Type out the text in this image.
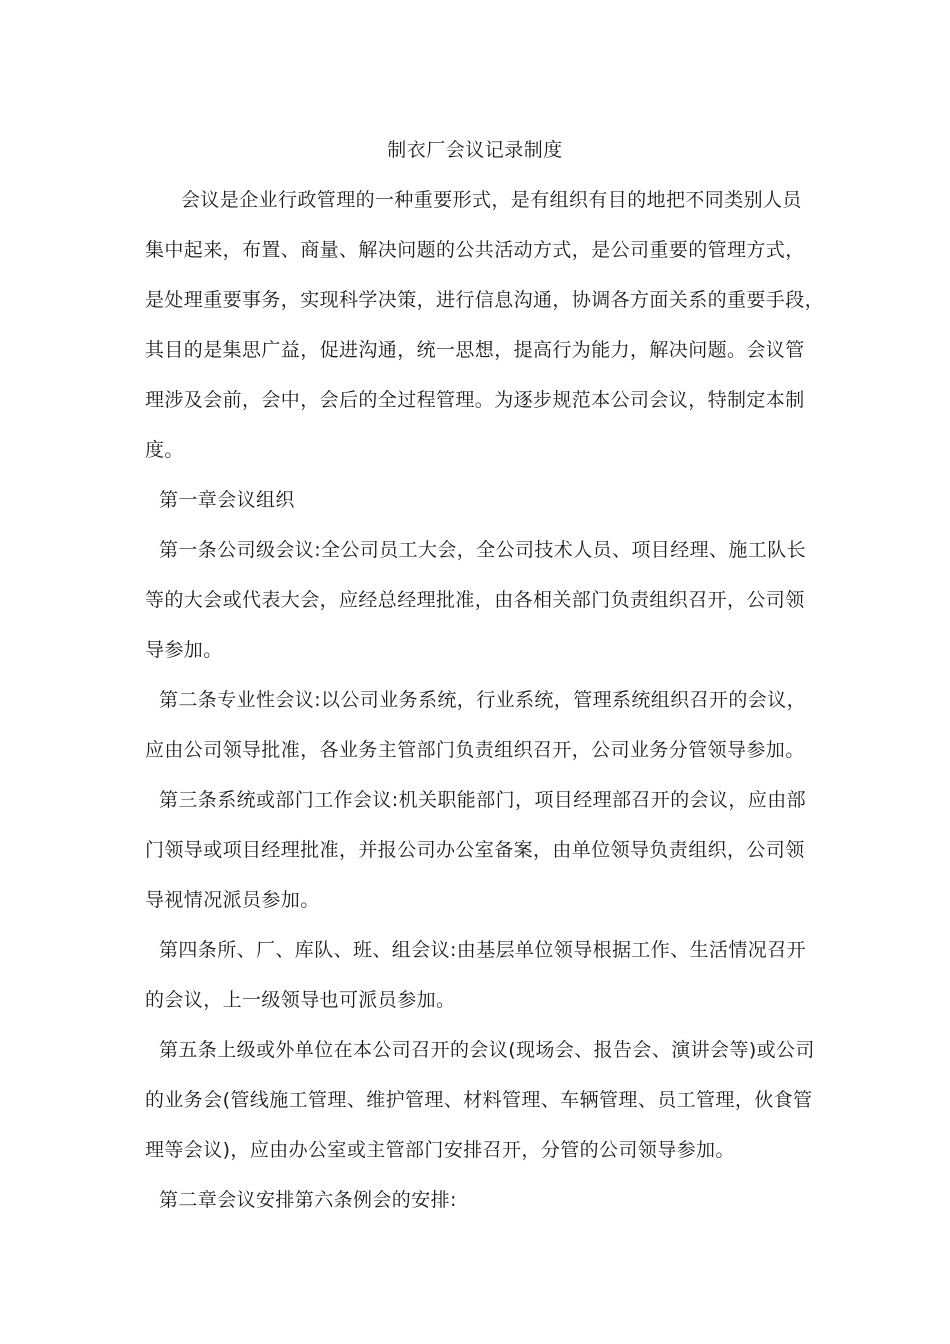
制衣厂会议记录制度
会议是企业行政管理的一种重要形式，是有组织有目的地把不同类别人员
集中起来，布置、商量、解决问题的公共活动方式，是公司重要的管理方式，
是处理重要事务，实现科学决策，进行信息沟通，协调各方面关系的重要手段，
其目的是集思广益，促进沟通，统一思想，提高行为能力，解决问题。会议管
理涉及会前，会中，会后的全过程管理。为逐步规范本公司会议，特制定本制
度。
第一章会议组织
第一条公司级会议:全公司员工大会，全公司技术人员、项目经理、施工队长
等的大会或代表大会，应经总经理批准，由各相关部门负责组织召开，公司领
导参加。
第二条专业性会议:以公司业务系统，行业系统，管理系统组织召开的会议，
应由公司领导批准，各业务主管部门负责组织召开，公司业务分管领导参加。
第三条系统或部门工作会议:机关职能部门，项目经理部召开的会议，应由部
门领导或项目经理批准，并报公司办公室备案，由单位领导负责组织，公司领
导视情况派员参加。
第四条所、厂、库队、班、组会议:由基层单位领导根据工作、生活情况召开
的会议，上一级领导也可派员参加。
第五条上级或外单位在本公司召开的会议(现场会、报告会、演讲会等)或公司
的业务会(管线施工管理、维护管理、材料管理、车辆管理、员工管理，伙食管
理等会议)，应由办公室或主管部门安排召开，分管的公司领导参加。
第二章会议安排第六条例会的安排:
